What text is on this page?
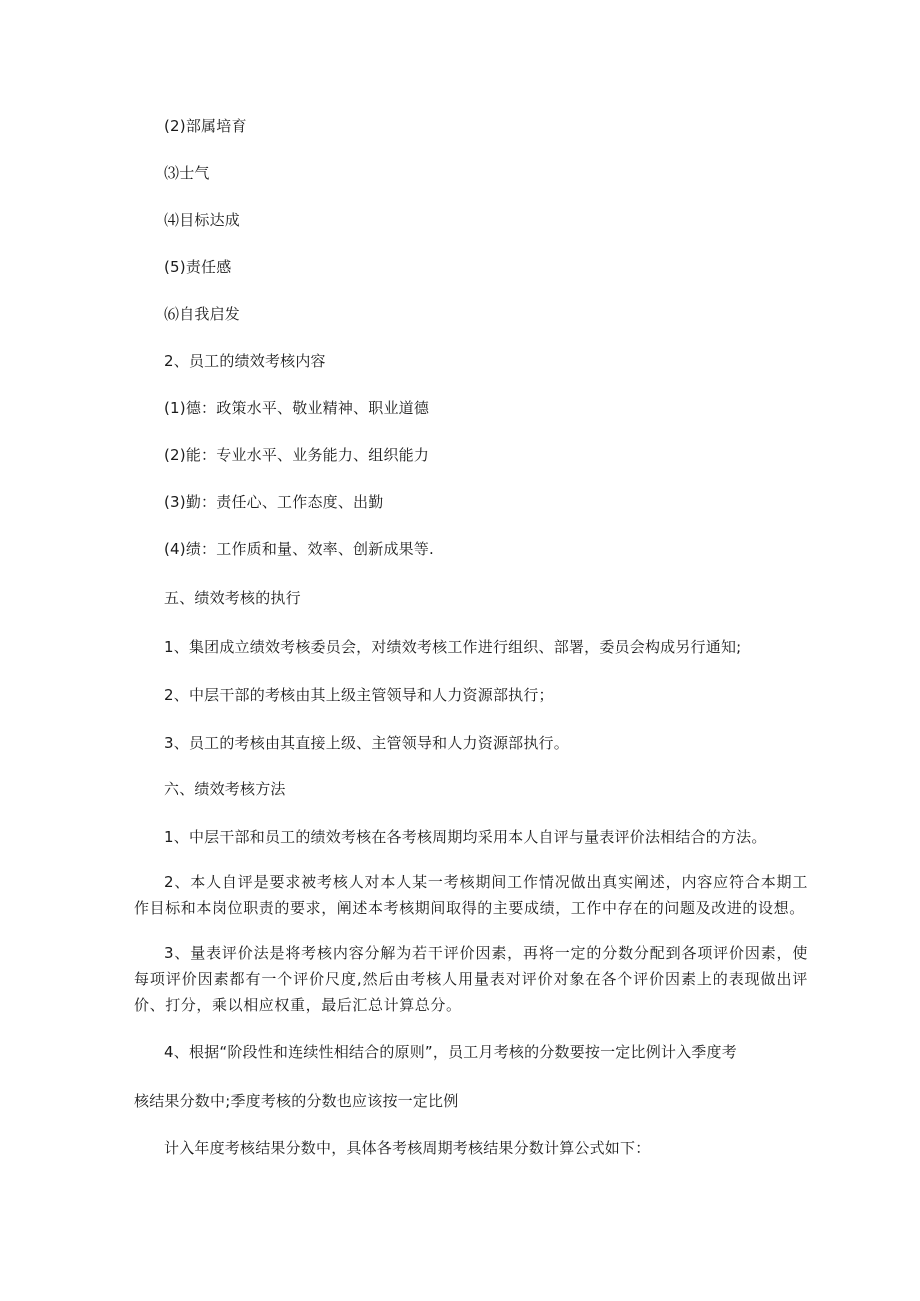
(2)部属培育
⑶士气
⑷目标达成
(5)责任感
⑹自我启发
2、员工的绩效考核内容
(1)德：政策水平、敬业精神、职业道德
(2)能：专业水平、业务能力、组织能力
(3)勤：责任心、工作态度、出勤
(4)绩：工作质和量、效率、创新成果等.
五、绩效考核的执行
1、集团成立绩效考核委员会，对绩效考核工作进行组织、部署，委员会构成另行通知;
2、中层干部的考核由其上级主管领导和人力资源部执行；
3、员工的考核由其直接上级、主管领导和人力资源部执行。
六、绩效考核方法
1、中层干部和员工的绩效考核在各考核周期均采用本人自评与量表评价法相结合的方法。
2、本人自评是要求被考核人对本人某一考核期间工作情况做出真实阐述，内容应符合本期工作目标和本岗位职责的要求，阐述本考核期间取得的主要成绩，工作中存在的问题及改进的设想。
3、量表评价法是将考核内容分解为若干评价因素，再将一定的分数分配到各项评价因素，使每项评价因素都有一个评价尺度,然后由考核人用量表对评价对象在各个评价因素上的表现做出评价、打分，乘以相应权重，最后汇总计算总分。
4、根据“阶段性和连续性相结合的原则”，员工月考核的分数要按一定比例计入季度考
核结果分数中;季度考核的分数也应该按一定比例
计入年度考核结果分数中，具体各考核周期考核结果分数计算公式如下：
